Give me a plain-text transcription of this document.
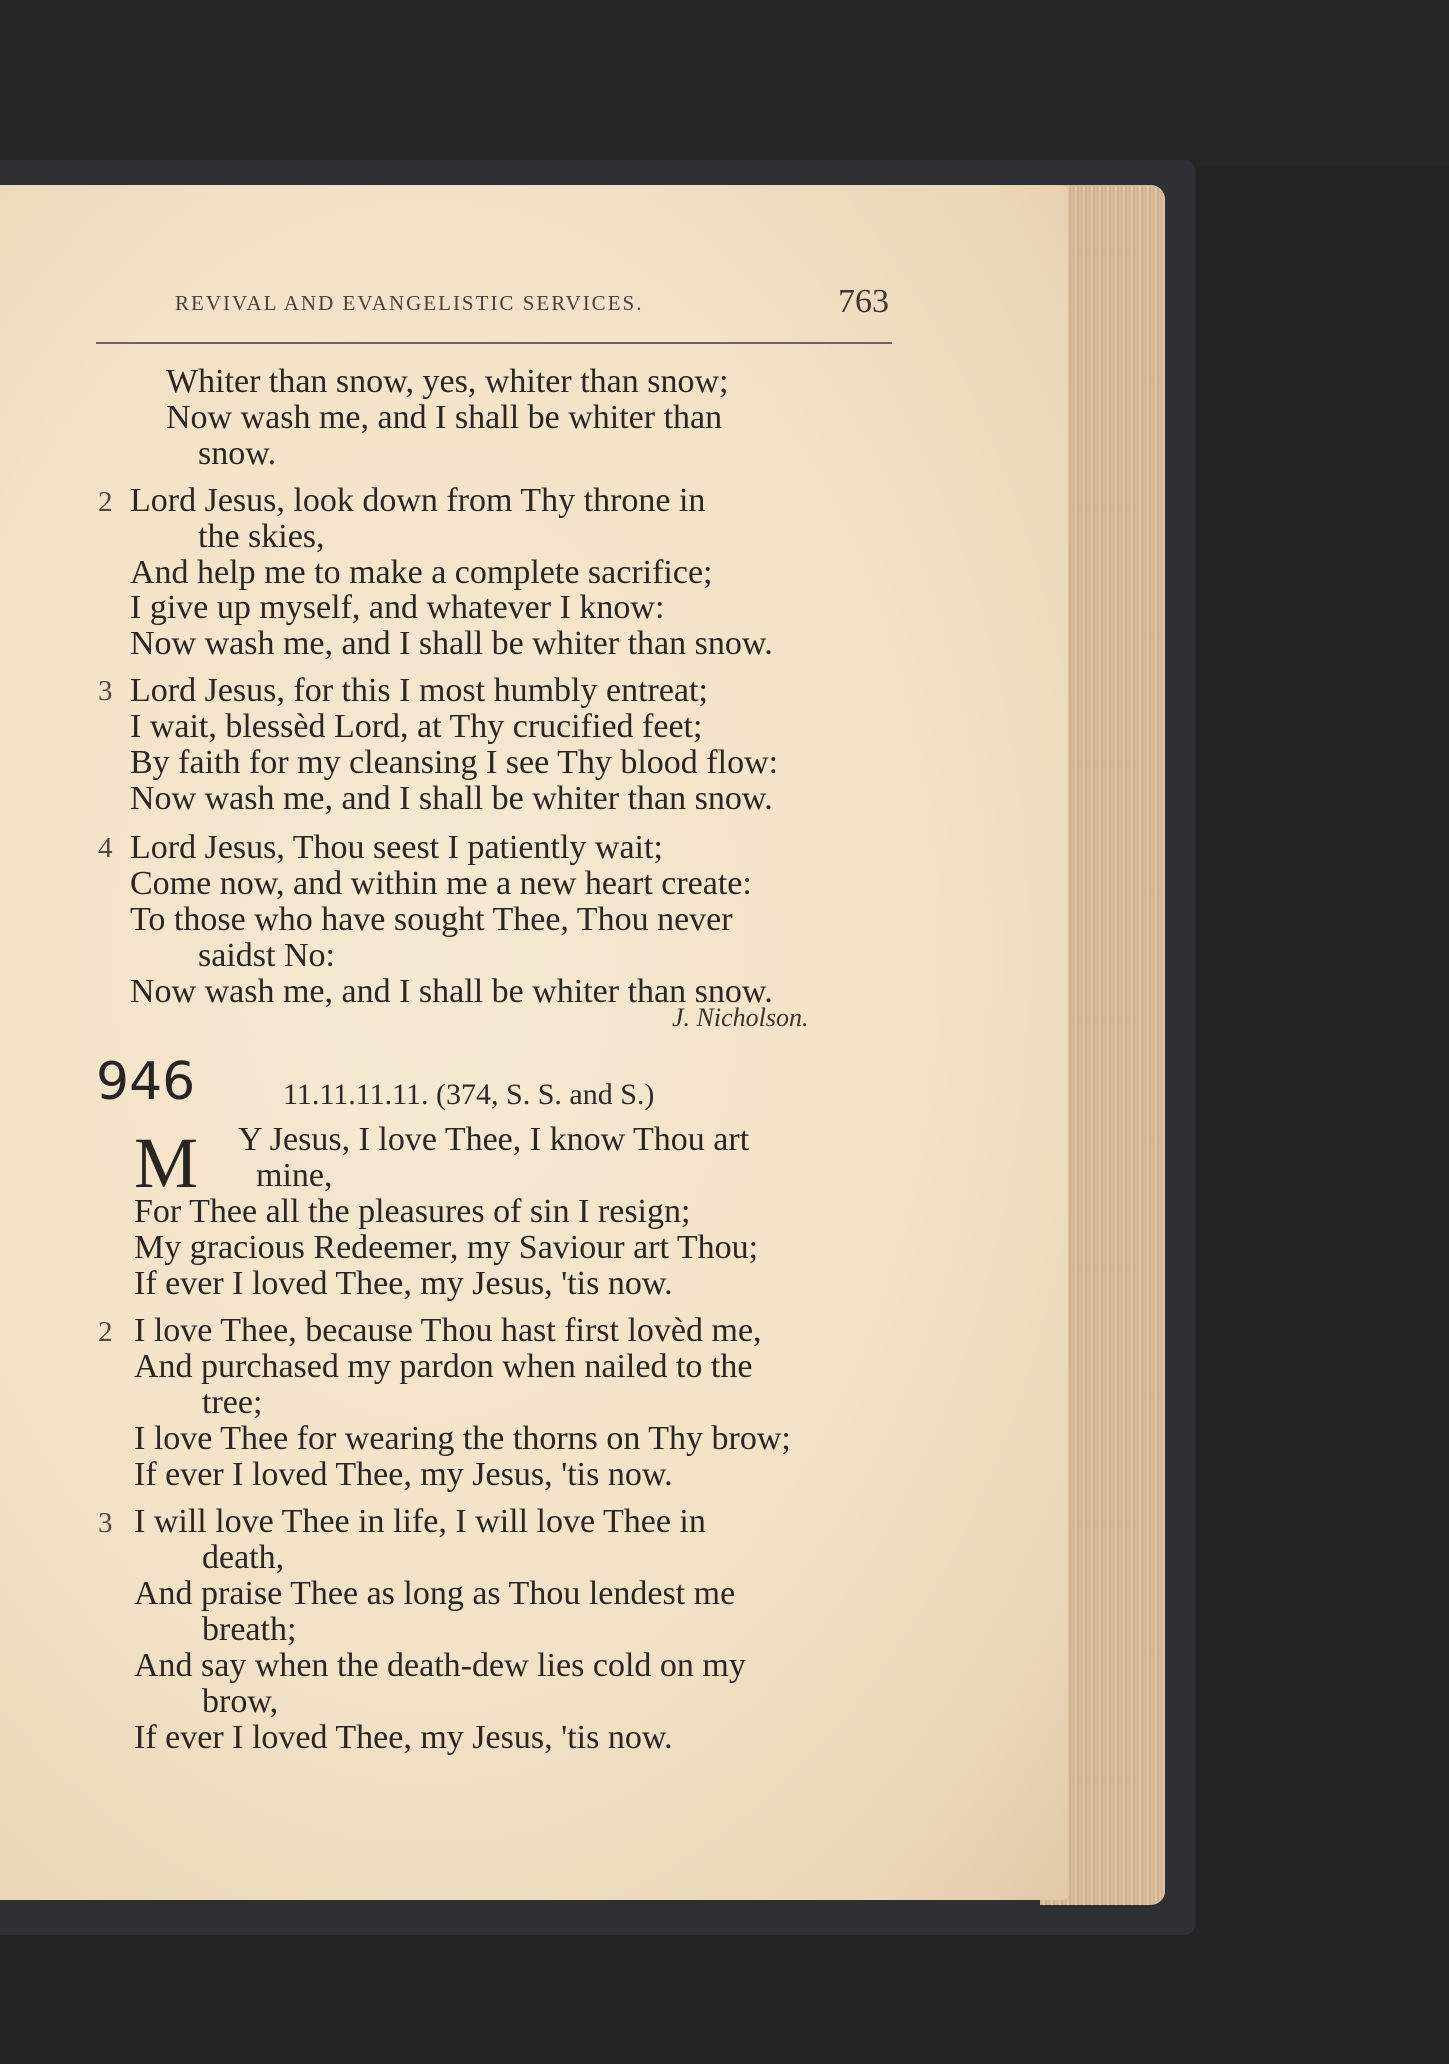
REVIVAL AND EVANGELISTIC SERVICES.	763
Whiter than snow, yes, whiter than snow;
Now wash me, and I shall be whiter than
snow.
2 Lord Jesus, look down from Thy throne in
the skies,
And help me to make a complete sacrifice;
I give up myself, and whatever I know:
Now wash me, and I shall be whiter than snow.
3 Lord Jesus, for this I most humbly entreat;
I wait, blessèd Lord, at Thy crucified feet;
By faith for my cleansing I see Thy blood flow:
Now wash me, and I shall be whiter than snow.
4 Lord Jesus, Thou seest I patiently wait;
Come now, and within me a new heart create:
To those who have sought Thee, Thou never
saidst No:
Now wash me, and I shall be whiter than snow.
J. Nicholson.
946	11.11.11.11. (374, S. S. and S.)
M Y Jesus, I love Thee, I know Thou art
mine,
For Thee all the pleasures of sin I resign;
My gracious Redeemer, my Saviour art Thou;
If ever I loved Thee, my Jesus, 'tis now.
2 I love Thee, because Thou hast first lovèd me,
And purchased my pardon when nailed to the
tree;
I love Thee for wearing the thorns on Thy brow;
If ever I loved Thee, my Jesus, 'tis now.
3 I will love Thee in life, I will love Thee in
death,
And praise Thee as long as Thou lendest me
breath;
And say when the death-dew lies cold on my
brow,
If ever I loved Thee, my Jesus, 'tis now.
